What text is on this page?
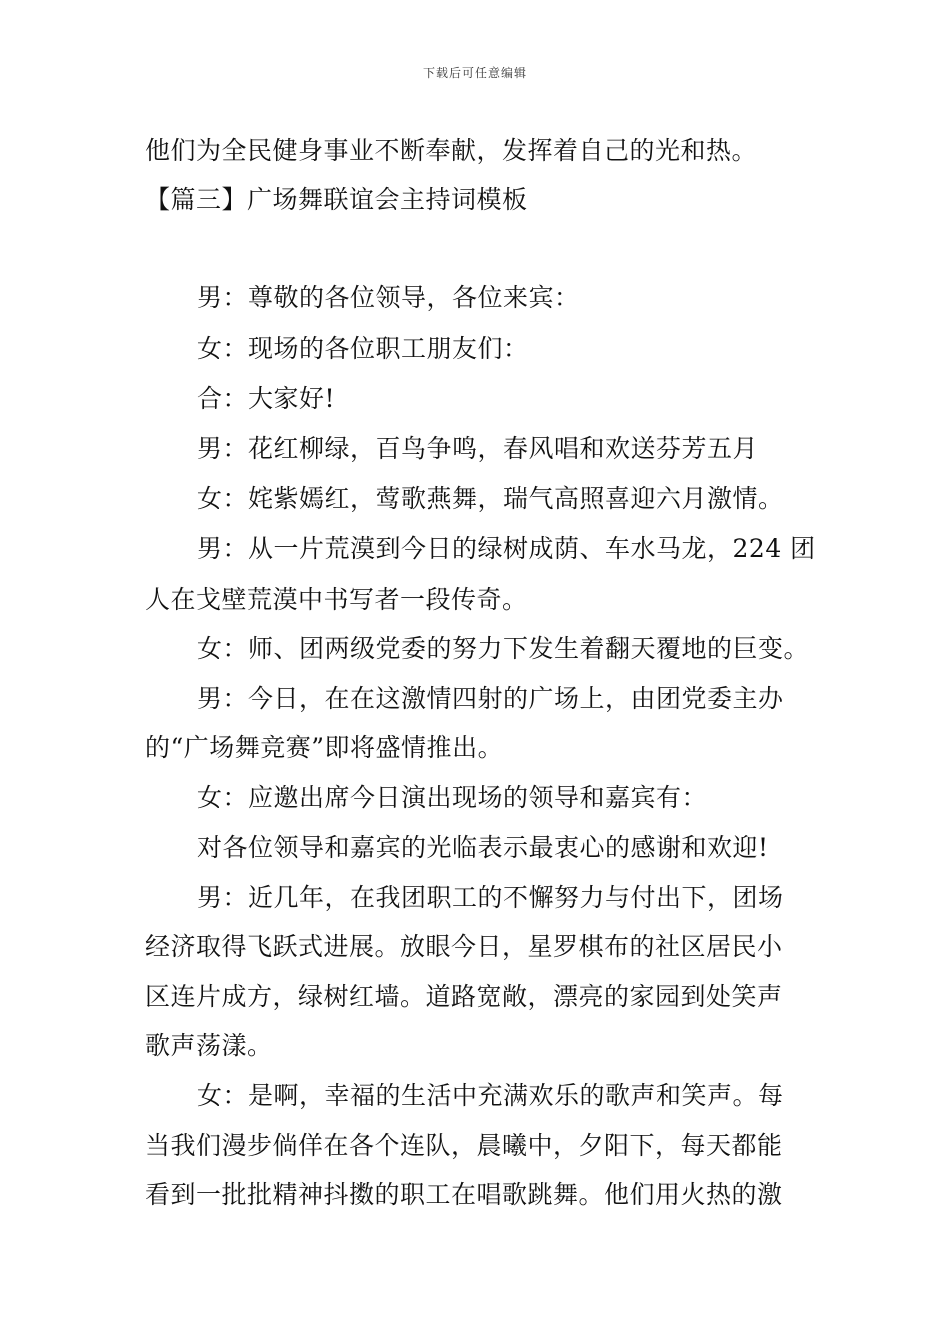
下载后可任意编辑
他们为全民健身事业不断奉献，发挥着自己的光和热。
【篇三】广场舞联谊会主持词模板
男：尊敬的各位领导，各位来宾：
女：现场的各位职工朋友们：
合：大家好!
男：花红柳绿，百鸟争鸣，春风唱和欢送芬芳五月
女：姹紫嫣红，莺歌燕舞，瑞气高照喜迎六月激情。
男：从一片荒漠到今日的绿树成荫、车水马龙，224 团
人在戈壁荒漠中书写者一段传奇。
女：师、团两级党委的努力下发生着翻天覆地的巨变。
男：今日，在在这激情四射的广场上，由团党委主办
的“广场舞竞赛”即将盛情推出。
女：应邀出席今日演出现场的领导和嘉宾有：
对各位领导和嘉宾的光临表示最衷心的感谢和欢迎!
男：近几年，在我团职工的不懈努力与付出下，团场
经济取得飞跃式进展。放眼今日，星罗棋布的社区居民小
区连片成方，绿树红墙。道路宽敞，漂亮的家园到处笑声
歌声荡漾。
女：是啊，幸福的生活中充满欢乐的歌声和笑声。每
当我们漫步倘佯在各个连队，晨曦中，夕阳下，每天都能
看到一批批精神抖擞的职工在唱歌跳舞。他们用火热的激
